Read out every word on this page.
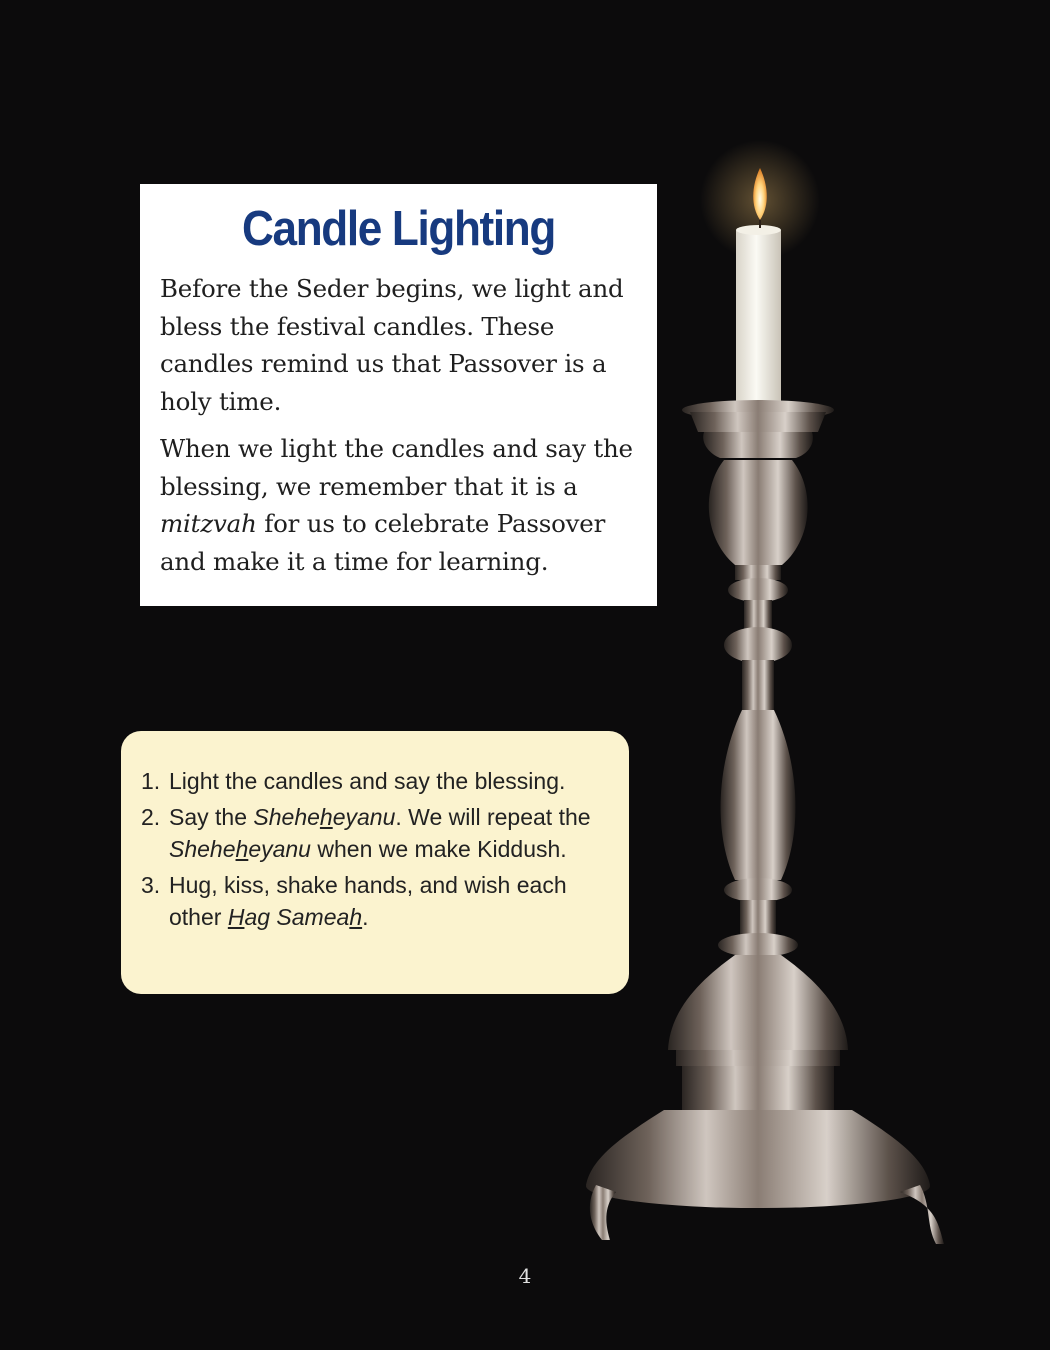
Candle Lighting

Before the Seder begins, we light and bless the festival candles. These candles remind us that Passover is a holy time.

When we light the candles and say the blessing, we remember that it is a mitzvah for us to celebrate Passover and make it a time for learning.

1. Light the candles and say the blessing.
2. Say the Sheheheyanu. We will repeat the Sheheheyanu when we make Kiddush.
3. Hug, kiss, shake hands, and wish each other Hag Sameah.
4
